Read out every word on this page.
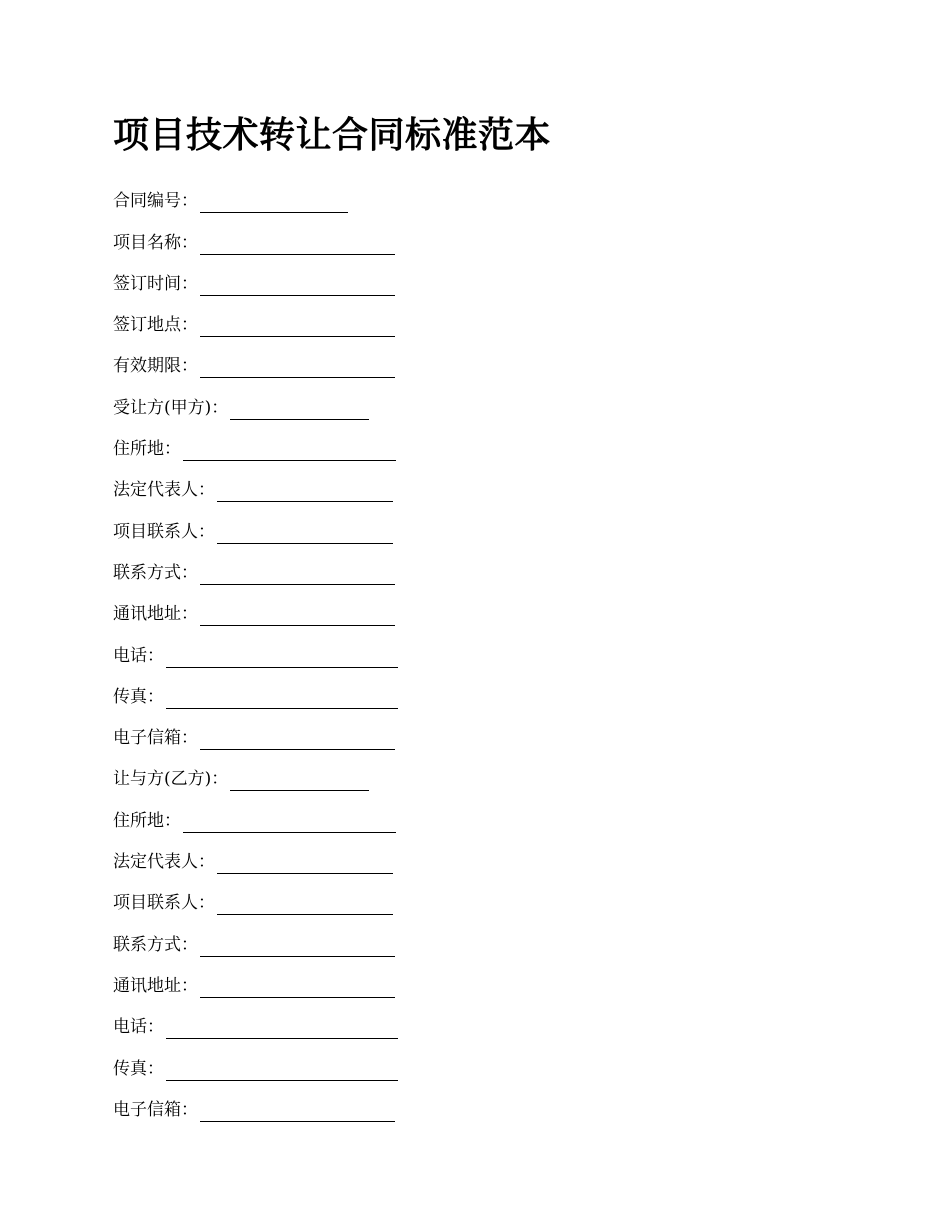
项目技术转让合同标准范本
合同编号：
项目名称：
签订时间：
签订地点：
有效期限：
受让方(甲方)：
住所地：
法定代表人：
项目联系人：
联系方式：
通讯地址：
电话：
传真：
电子信箱：
让与方(乙方)：
住所地：
法定代表人：
项目联系人：
联系方式：
通讯地址：
电话：
传真：
电子信箱：
